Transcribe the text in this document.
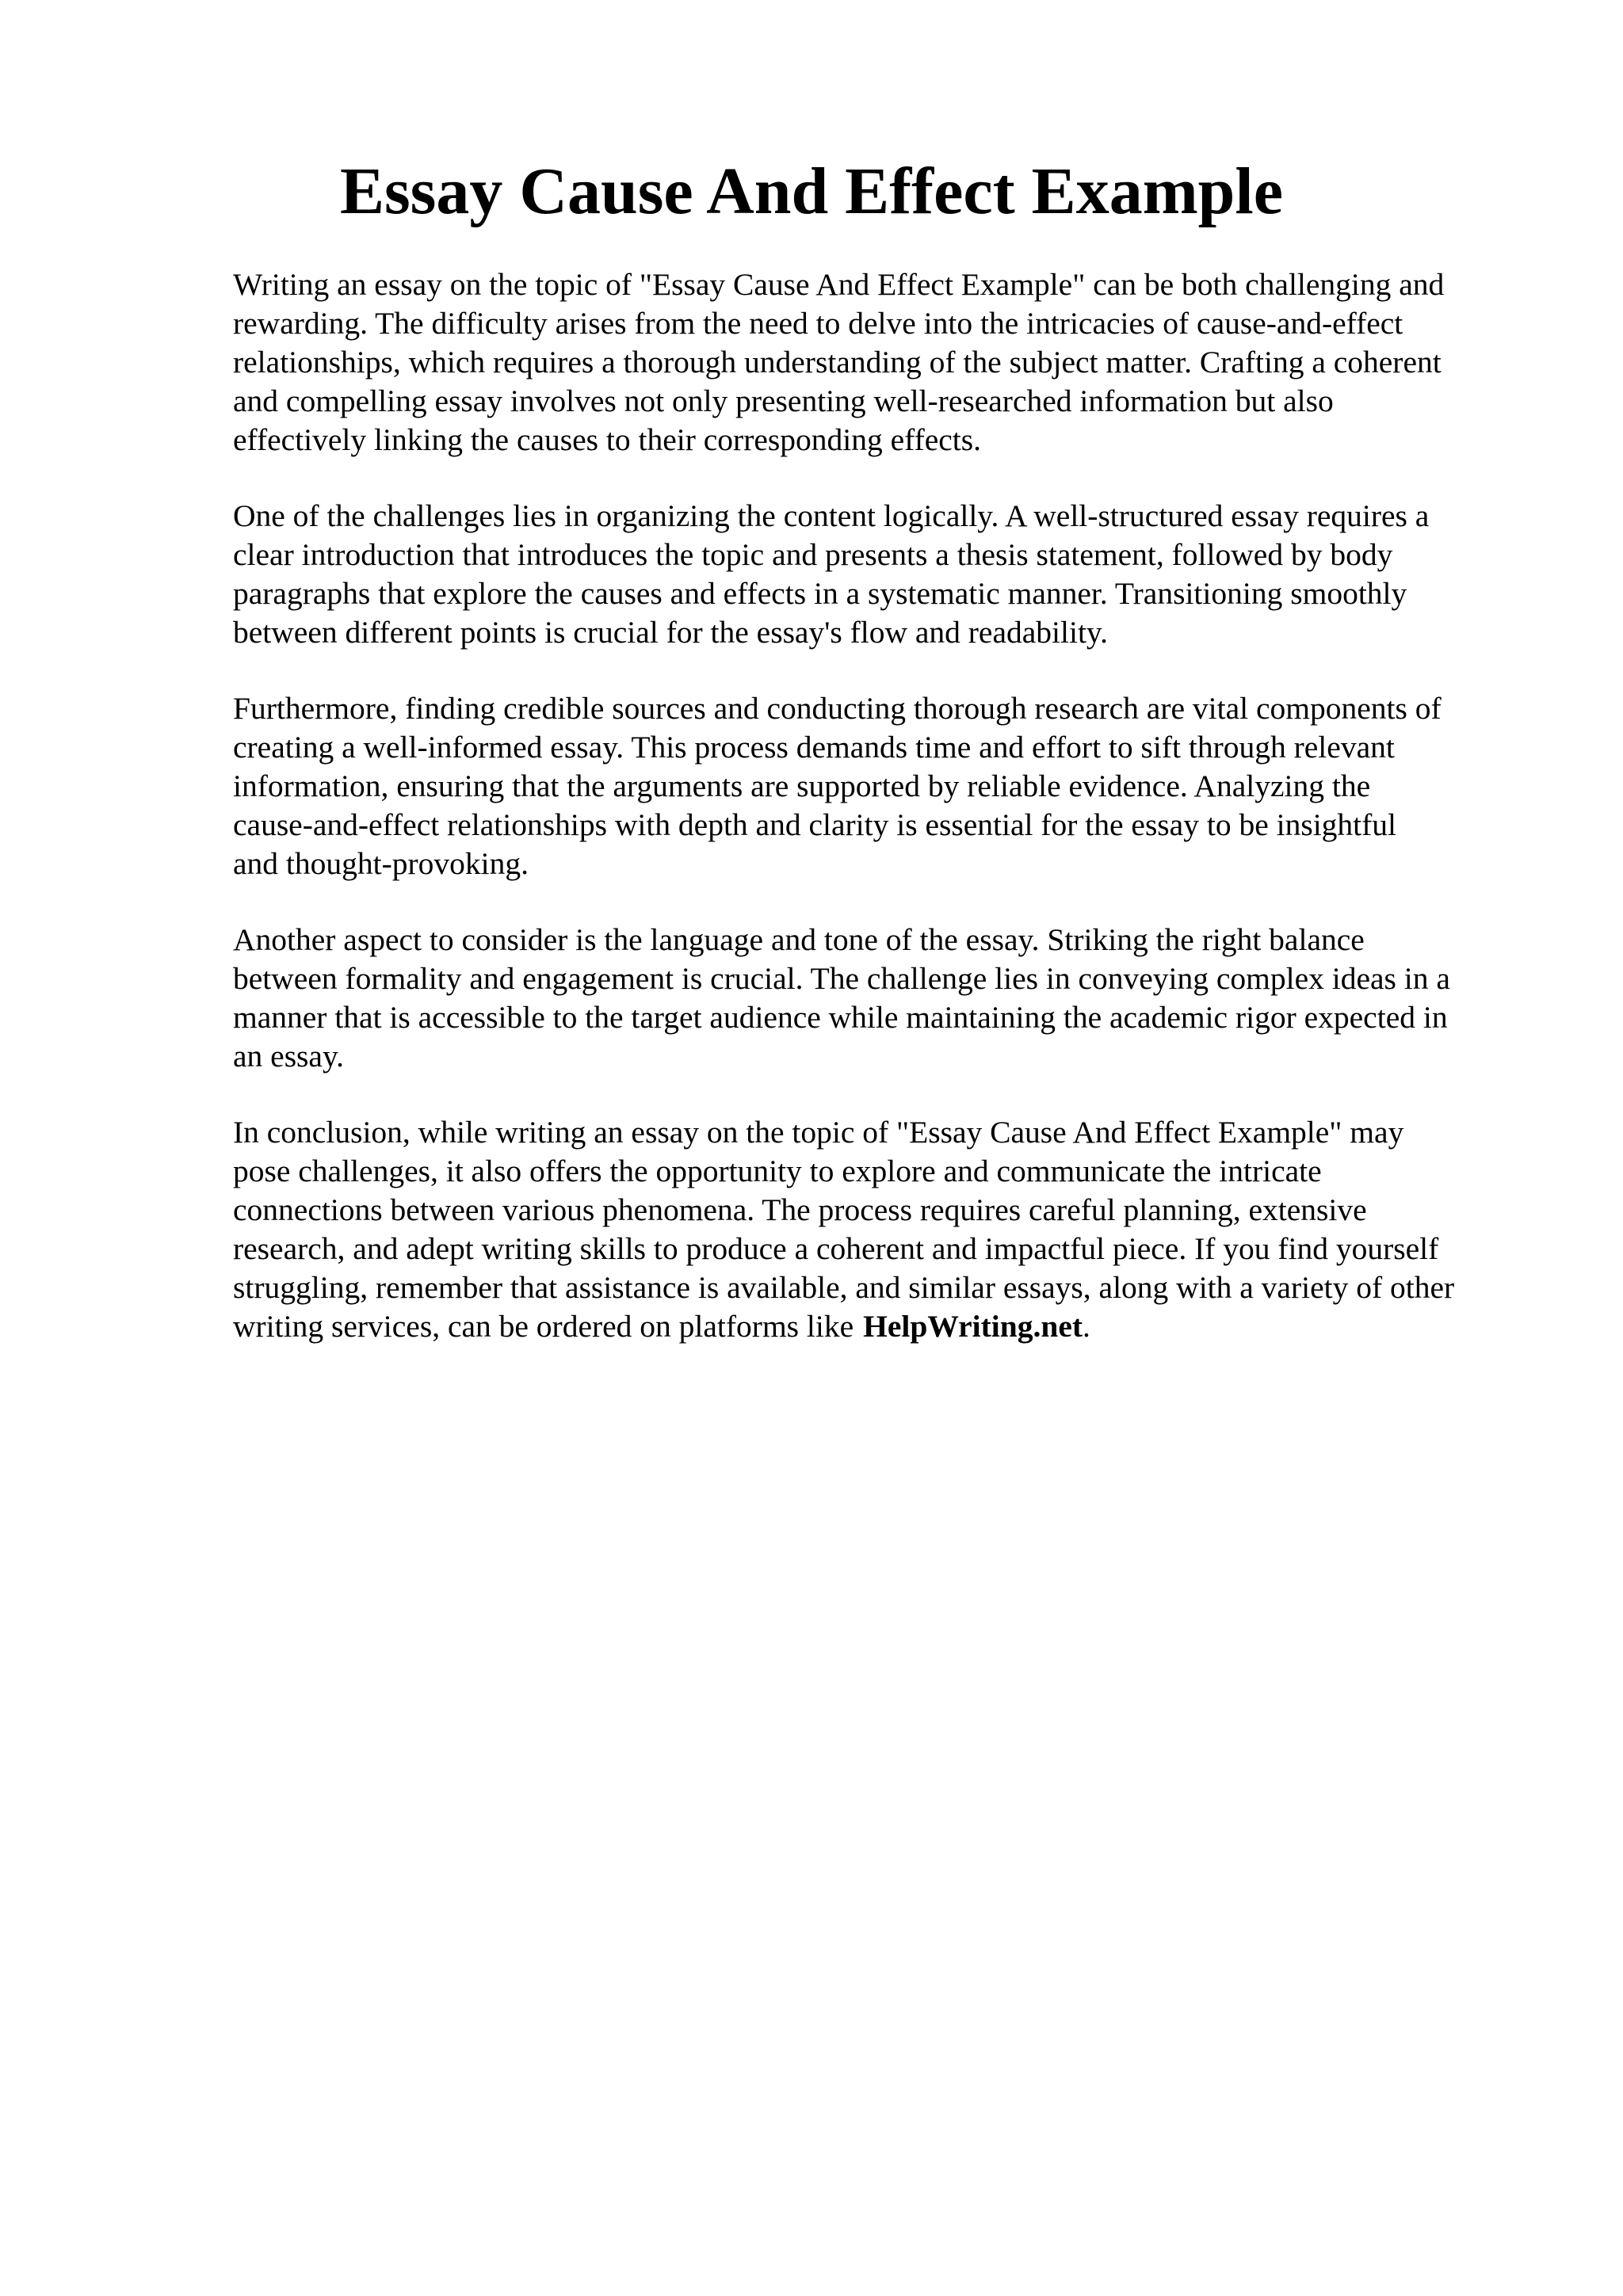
Essay Cause And Effect Example

Writing an essay on the topic of "Essay Cause And Effect Example" can be both challenging and
rewarding. The difficulty arises from the need to delve into the intricacies of cause-and-effect
relationships, which requires a thorough understanding of the subject matter. Crafting a coherent
and compelling essay involves not only presenting well-researched information but also
effectively linking the causes to their corresponding effects.

One of the challenges lies in organizing the content logically. A well-structured essay requires a
clear introduction that introduces the topic and presents a thesis statement, followed by body
paragraphs that explore the causes and effects in a systematic manner. Transitioning smoothly
between different points is crucial for the essay's flow and readability.

Furthermore, finding credible sources and conducting thorough research are vital components of
creating a well-informed essay. This process demands time and effort to sift through relevant
information, ensuring that the arguments are supported by reliable evidence. Analyzing the
cause-and-effect relationships with depth and clarity is essential for the essay to be insightful
and thought-provoking.

Another aspect to consider is the language and tone of the essay. Striking the right balance
between formality and engagement is crucial. The challenge lies in conveying complex ideas in a
manner that is accessible to the target audience while maintaining the academic rigor expected in
an essay.

In conclusion, while writing an essay on the topic of "Essay Cause And Effect Example" may
pose challenges, it also offers the opportunity to explore and communicate the intricate
connections between various phenomena. The process requires careful planning, extensive
research, and adept writing skills to produce a coherent and impactful piece. If you find yourself
struggling, remember that assistance is available, and similar essays, along with a variety of other
writing services, can be ordered on platforms like HelpWriting.net.
